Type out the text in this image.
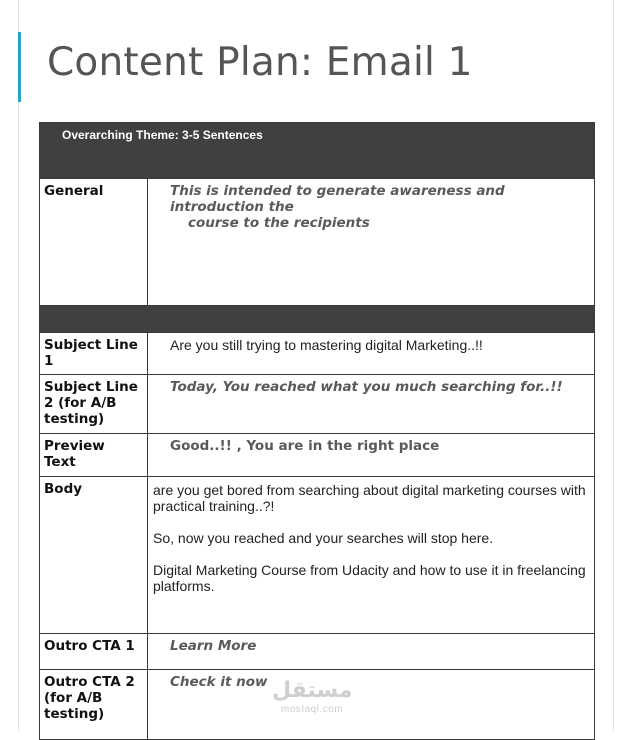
Content Plan: Email 1
Overarching Theme: 3-5 Sentences	

General	This is intended to generate awareness and introduction the
course to the recipients

Subject Line 1	Are you still trying to mastering digital Marketing..!!

Subject Line 2 (for A/B testing)	Today, You reached what you much searching for..!!

Preview Text	Good..!! , You are in the right place

Body	are you get bored from searching about digital marketing courses with practical training..?!

So, now you reached and your searches will stop here.

Digital Marketing Course from Udacity and how to use it in freelancing platforms.

Outro CTA 1	Learn More

Outro CTA 2 (for A/B testing)	Check it now مستقل
mostaql.com
